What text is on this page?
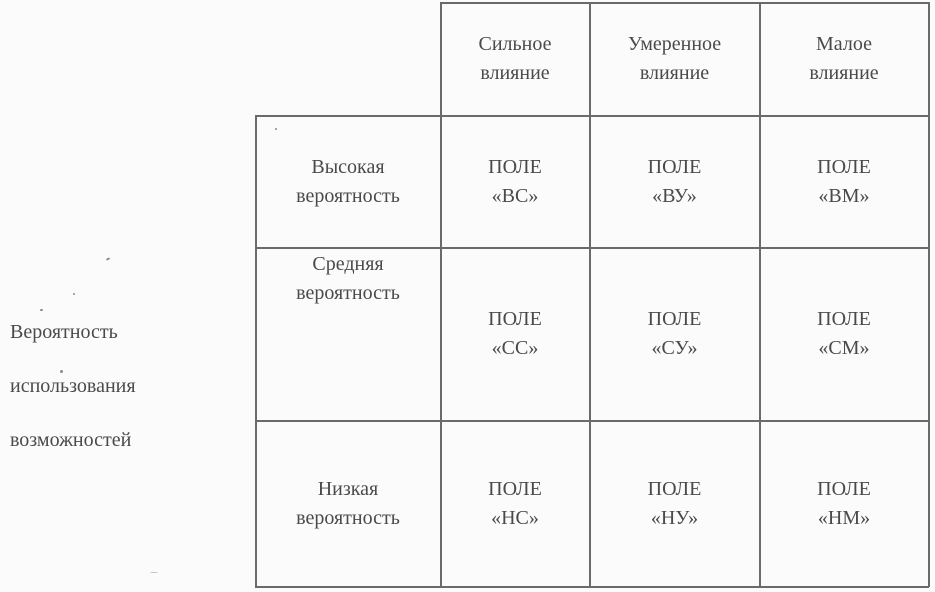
Вероятность
использования
возможностей

Сильное
влияние
Умеренное
влияние
Малое
влияние
Высокая
вероятность
Средняя
вероятность
Низкая
вероятность
ПОЛЕ
«ВС»
ПОЛЕ
«ВУ»
ПОЛЕ
«ВМ»
ПОЛЕ
«СС»
ПОЛЕ
«СУ»
ПОЛЕ
«СМ»
ПОЛЕ
«НС»
ПОЛЕ
«НУ»
ПОЛЕ
«НМ»
